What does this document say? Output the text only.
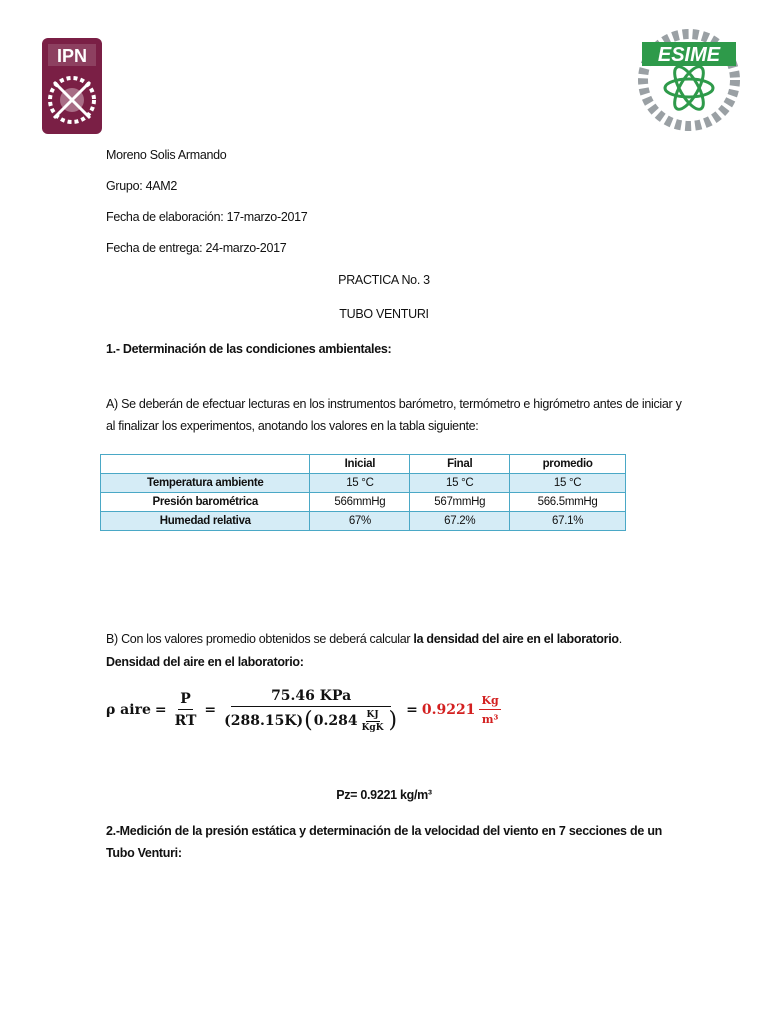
IPN	ESIME
Moreno Solis Armando
Grupo: 4AM2
Fecha de elaboración: 17-marzo-2017
Fecha de entrega: 24-marzo-2017
PRACTICA No. 3
TUBO VENTURI
1.- Determinación de las condiciones ambientales:
A) Se deberán de efectuar lecturas en los instrumentos barómetro, termómetro e higrómetro antes de iniciar y al finalizar los experimentos, anotando los valores en la tabla siguiente:
	Inicial	Final	promedio
Temperatura ambiente	15 °C	15 °C	15 °C
Presión barométrica	566mmHg	567mmHg	566.5mmHg
Humedad relativa	67%	67.2%	67.1%
B) Con los valores promedio obtenidos se deberá calcular la densidad del aire en el laboratorio.
Densidad del aire en el laboratorio:
ρ aire = $\frac{P}{RT}$ =
75.46 KPa
(288.15K) ( $0.284 \frac{KJ}{\text{KgK}}$ ) = $0.9221 \frac{Kg}{\text{m³}}$
Pz= 0.9221 kg/m³
2.-Medición de la presión estática y determinación de la velocidad del viento en 7 secciones de un Tubo Venturi:
